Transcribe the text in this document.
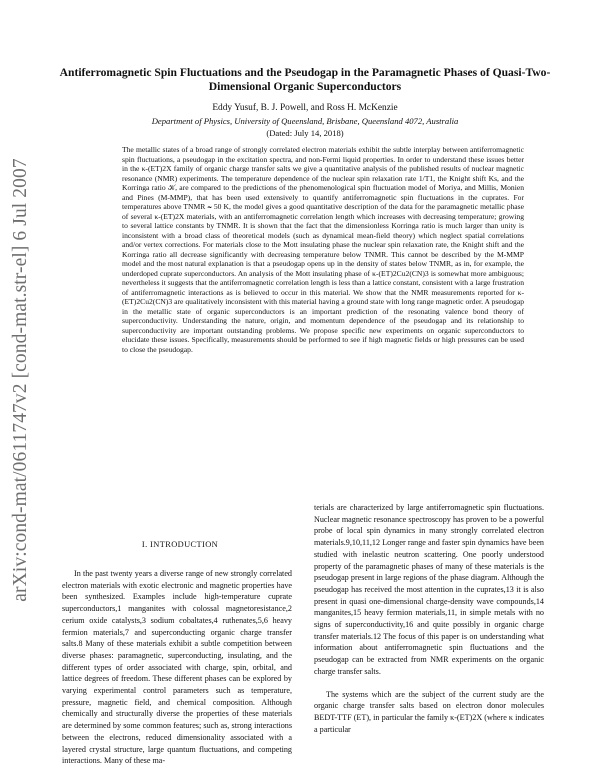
arXiv:cond-mat/0611747v2 [cond-mat.str-el] 6 Jul 2007
Antiferromagnetic Spin Fluctuations and the Pseudogap in the Paramagnetic Phases of Quasi-Two-Dimensional Organic Superconductors
Eddy Yusuf, B. J. Powell, and Ross H. McKenzie
Department of Physics, University of Queensland, Brisbane, Queensland 4072, Australia
(Dated: July 14, 2018)

The metallic states of a broad range of strongly correlated electron materials exhibit the subtle interplay between antiferromagnetic spin fluctuations, a pseudogap in the excitation spectra, and non-Fermi liquid properties. In order to understand these issues better in the κ-(ET)2X family of organic charge transfer salts we give a quantitative analysis of the published results of nuclear magnetic resonance (NMR) experiments. The temperature dependence of the nuclear spin relaxation rate 1/T1, the Knight shift Ks, and the Korringa ratio 𝒦, are compared to the predictions of the phenomenological spin fluctuation model of Moriya, and Millis, Monien and Pines (M-MMP), that has been used extensively to quantify antiferromagnetic spin fluctuations in the cuprates. For temperatures above TNMR ≃ 50 K, the model gives a good quantitative description of the data for the paramagnetic metallic phase of several κ-(ET)2X materials, with an antiferromagnetic correlation length which increases with decreasing temperature; growing to several lattice constants by TNMR. It is shown that the fact that the dimensionless Korringa ratio is much larger than unity is inconsistent with a broad class of theoretical models (such as dynamical mean-field theory) which neglect spatial correlations and/or vertex corrections. For materials close to the Mott insulating phase the nuclear spin relaxation rate, the Knight shift and the Korringa ratio all decrease significantly with decreasing temperature below TNMR. This cannot be described by the M-MMP model and the most natural explanation is that a pseudogap opens up in the density of states below TNMR, as in, for example, the underdoped cuprate superconductors. An analysis of the Mott insulating phase of κ-(ET)2Cu2(CN)3 is somewhat more ambiguous; nevertheless it suggests that the antiferromagnetic correlation length is less than a lattice constant, consistent with a large frustration of antiferromagnetic interactions as is believed to occur in this material. We show that the NMR measurements reported for κ-(ET)2Cu2(CN)3 are qualitatively inconsistent with this material having a ground state with long range magnetic order. A pseudogap in the metallic state of organic superconductors is an important prediction of the resonating valence bond theory of superconductivity. Understanding the nature, origin, and momentum dependence of the pseudogap and its relationship to superconductivity are important outstanding problems. We propose specific new experiments on organic superconductors to elucidate these issues. Specifically, measurements should be performed to see if high magnetic fields or high pressures can be used to close the pseudogap.

I. INTRODUCTION

In the past twenty years a diverse range of new strongly correlated electron materials with exotic electronic and magnetic properties have been synthesized. Examples include high-temperature cuprate superconductors,1 manganites with colossal magnetoresistance,2 cerium oxide catalysts,3 sodium cobaltates,4 ruthenates,5,6 heavy fermion materials,7 and superconducting organic charge transfer salts.8 Many of these materials exhibit a subtle competition between diverse phases: paramagnetic, superconducting, insulating, and the different types of order associated with charge, spin, orbital, and lattice degrees of freedom. These different phases can be explored by varying experimental control parameters such as temperature, pressure, magnetic field, and chemical composition. Although chemically and structurally diverse the properties of these materials are determined by some common features; such as, strong interactions between the electrons, reduced dimensionality associated with a layered crystal structure, large quantum fluctuations, and competing interactions. Many of these ma-

terials are characterized by large antiferromagnetic spin fluctuations. Nuclear magnetic resonance spectroscopy has proven to be a powerful probe of local spin dynamics in many strongly correlated electron materials.9,10,11,12 Longer range and faster spin dynamics have been studied with inelastic neutron scattering. One poorly understood property of the paramagnetic phases of many of these materials is the pseudogap present in large regions of the phase diagram. Although the pseudogap has received the most attention in the cuprates,13 it is also present in quasi one-dimensional charge-density wave compounds,14 manganites,15 heavy fermion materials,11, in simple metals with no signs of superconductivity,16 and quite possibly in organic charge transfer materials.12 The focus of this paper is on understanding what information about antiferromagnetic spin fluctuations and the pseudogap can be extracted from NMR experiments on the organic charge transfer salts.

The systems which are the subject of the current study are the organic charge transfer salts based on electron donor molecules BEDT-TTF (ET), in particular the family κ-(ET)2X (where κ indicates a particular
